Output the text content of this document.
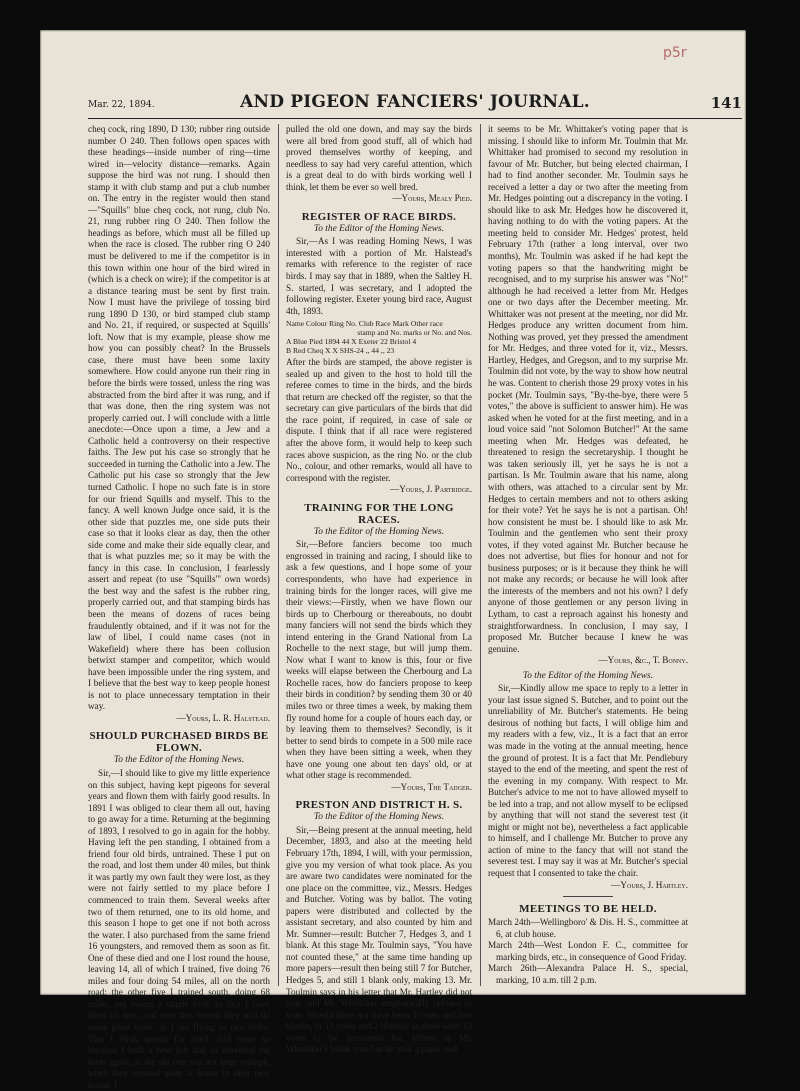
p5r
Mar. 22, 1894.	AND PIGEON FANCIERS' JOURNAL.	141

cheq cock, ring 1890, D 130; rubber ring outside number O 240. Then follows open spaces with these headings—inside number of ring—time wired in—velocity distance—remarks. Again suppose the bird was not rung. I should then stamp it with club stamp and put a club number on. The entry in the register would then stand—"Squills" blue cheq cock, not rung, club No. 21, rung rubber ring O 240. Then follow the headings as before, which must all be filled up when the race is closed. The rubber ring O 240 must be delivered to me if the competitor is in this town within one hour of the bird wired in (which is a check on wire); if the competitor is at a distance tearing must be sent by first train. Now I must have the privilege of tossing bird rung 1890 D 130, or bird stamped club stamp and No. 21, if required, or suspected at Squills' loft. Now that is my example, please show me how you can possibly cheat? In the Brussels case, there must have been some laxity somewhere. How could anyone run their ring in before the birds were tossed, unless the ring was abstracted from the bird after it was rung, and if that was done, then the ring system was not properly carried out. I will conclude with a little anecdote:—Once upon a time, a Jew and a Catholic held a controversy on their respective faiths. The Jew put his case so strongly that he succeeded in turning the Catholic into a Jew. The Catholic put his case so strongly that the Jew turned Catholic. I hope no such fate is in store for our friend Squills and myself. This to the fancy. A well known Judge once said, it is the other side that puzzles me, one side puts their case so that it looks clear as day, then the other side come and make their side equally clear, and that is what puzzles me; so it may be with the fancy in this case. In conclusion, I fearlessly assert and repeat (to use "Squills'" own words) the best way and the safest is the rubber ring, properly carried out, and that stamping birds has been the means of dozens of races being fraudulently obtained, and if it was not for the law of libel, I could name cases (not in Wakefield) where there has been collusion betwixt stamper and competitor, which would have been impossible under the ring system, and I believe that the best way to keep people honest is not to place unnecessary temptation in their way.

—Yours, L. R. Halstead.
SHOULD PURCHASED BIRDS BE FLOWN.
To the Editor of the Homing News.

Sir,—I should like to give my little experience on this subject, having kept pigeons for several years and flown them with fairly good results. In 1891 I was obliged to clear them all out, having to go away for a time. Returning at the beginning of 1893, I resolved to go in again for the hobby. Having left the pen standing, I obtained from a friend four old birds, untrained. These I put on the road, and lost them under 40 miles, but think it was partly my own fault they were lost, as they were not fairly settled to my place before I commenced to train them. Several weeks after two of them returned, one to its old home, and this season I hope to get one if not both across the water. I also purchased from the same friend 16 youngsters, and removed them as soon as fit. One of these died and one I lost round the house, leaving 14, all of which I trained, five doing 76 miles and four doing 54 miles, all on the north road; the other five I trained south, doing 68 miles, not losing a single bird; in fact I have them all now, and trust this season they will do some good work, as I am flying in two clubs. This I think speaks for itself, still more so because I built a new loft and so unsettled the birds again, as the old one was not large enough, when they seemed quite at home in their new house. I

pulled the old one down, and may say the birds were all bred from good stuff, all of which had proved themselves worthy of keeping, and needless to say had very careful attention, which is a great deal to do with birds working well I think, let them be ever so well bred.

—Yours, Mealy Pied.
REGISTER OF RACE BIRDS.
To the Editor of the Homing News.

Sir,—As I was reading Homing News, I was interested with a portion of Mr. Halstead's remarks with reference to the register of race birds. I may say that in 1889, when the Saltley H. S. started, I was secretary, and I adopted the following register. Exeter young bird race, August 4th, 1893.

Name Colour Ring No. Club Race Mark Other race
stamp and No. marks or No. and Nos.
A Blue Pied 1894 44 X Exeter 22 Bristol 4
B Red Cheq X X SHS-24 ,, 44 ,, 23

After the birds are stamped, the above register is sealed up and given to the host to hold till the referee comes to time in the birds, and the birds that return are checked off the register, so that the secretary can give particulars of the birds that did the race point, if required, in case of sale or dispute. I think that if all race were registered after the above form, it would help to keep such races above suspicion, as the ring No. or the club No., colour, and other remarks, would all have to correspond with the register.

—Yours, J. Partridge.
TRAINING FOR THE LONG RACES.
To the Editor of the Homing News.

Sir,—Before fanciers become too much engrossed in training and racing, I should like to ask a few questions, and I hope some of your correspondents, who have had experience in training birds for the longer races, will give me their views:—Firstly, when we have flown our birds up to Cherbourg or thereabouts, no doubt many fanciers will not send the birds which they intend entering in the Grand National from La Rochelle to the next stage, but will jump them. Now what I want to know is this, four or five weeks will elapse between the Cherbourg and La Rochelle races, how do fanciers propose to keep their birds in condition? by sending them 30 or 40 miles two or three times a week, by making them fly round home for a couple of hours each day, or by leaving them to themselves? Secondly, is it better to send birds to compete in a 500 mile race when they have been sitting a week, when they have one young one about ten days' old, or at what other stage is recommended.

—Yours, The Tadger.
PRESTON AND DISTRICT H. S.
To the Editor of the Homing News.

Sir,—Being present at the annual meeting, held December, 1893, and also at the meeting held February 17th, 1894, I will, with your permission, give you my version of what took place. As you are aware two candidates were nominated for the one place on the committee, viz., Messrs. Hedges and Butcher. Voting was by ballot. The voting papers were distributed and collected by the assistant secretary, and also counted by him and Mr. Sumner—result: Butcher 7, Hedges 3, and 1 blank. At this stage Mr. Toulmin says, "You have not counted these," at the same time handing up more papers—result then being still 7 for Butcher, Hedges 5, and still 1 blank only, making 13. Mr. Toulmin says in his letter that Mr. Hartley did not vote and Mr. Whittaker emphatically refused to vote. Should there not have been 9 votes and two blanks, or 11 votes and 2 blanks? as there were 13 votes to be accounted for. Where is Mr. Whittaker's blank vote? as he took a paper and

it seems to be Mr. Whittaker's voting paper that is missing. I should like to inform Mr. Toulmin that Mr. Whittaker had promised to second my resolution in favour of Mr. Butcher, but being elected chairman, I had to find another seconder. Mr. Toulmin says he received a letter a day or two after the meeting from Mr. Hedges pointing out a discrepancy in the voting. I should like to ask Mr. Hedges how he discovered it, having nothing to do with the voting papers. At the meeting held to consider Mr. Hedges' protest, held February 17th (rather a long interval, over two months), Mr. Toulmin was asked if he had kept the voting papers so that the handwriting might be recognised, and to my surprise his answer was "No!" although he had received a letter from Mr. Hedges one or two days after the December meeting. Mr. Whittaker was not present at the meeting, nor did Mr. Hedges produce any written document from him. Nothing was proved, yet they pressed the amendment for Mr. Hedges, and three voted for it, viz., Messrs. Hartley, Hedges, and Gregson, and to my surprise Mr. Toulmin did not vote, by the way to show how neutral he was. Content to cherish those 29 proxy votes in his pocket (Mr. Toulmin says, "By-the-bye, there were 5 votes," the above is sufficient to answer him). He was asked when he voted for at the first meeting, and in a loud voice said "not Solomon Butcher!" At the same meeting when Mr. Hedges was defeated, he threatened to resign the secretaryship. I thought he was taken seriously ill, yet he says he is not a partisan. Is Mr. Toulmin aware that his name, along with others, was attached to a circular sent by Mr. Hedges to certain members and not to others asking for their vote? Yet he says he is not a partisan. Oh! how consistent he must be. I should like to ask Mr. Toulmin and the gentlemen who sent their proxy votes, if they voted against Mr. Butcher because he does not advertise, but flies for honour and not for business purposes; or is it because they think he will not make any records; or because he will look after the interests of the members and not his own? I defy anyone of those gentlemen or any person living in Lytham, to cast a reproach against his honesty and straightforwardness. In conclusion, I may say, I proposed Mr. Butcher because I knew he was genuine.

—Yours, &c., T. Bonny.
To the Editor of the Homing News.

Sir,—Kindly allow me space to reply to a letter in your last issue signed S. Butcher, and to point out the unreliability of Mr. Butcher's statements. He being desirous of nothing but facts, I will oblige him and my readers with a few, viz., It is a fact that an error was made in the voting at the annual meeting, hence the ground of protest. It is a fact that Mr. Pendlebury stayed to the end of the meeting, and spent the rest of the evening in my company. With respect to Mr. Butcher's advice to me not to have allowed myself to be led into a trap, and not allow myself to be eclipsed by anything that will not stand the severest test (it might or might not be), nevertheless a fact applicable to himself, and I challenge Mr. Butcher to prove any action of mine to the fancy that will not stand the severest test. I may say it was at Mr. Butcher's special request that I consented to take the chair.

—Yours, J. Hartley.
MEETINGS TO BE HELD.

March 24th—Wellingboro' & Dis. H. S., committee at 6, at club house.

March 24th—West London F. C., committee for marking birds, etc., in consequence of Good Friday.

March 26th—Alexandra Palace H. S., special, marking, 10 a.m. till 2 p.m.
